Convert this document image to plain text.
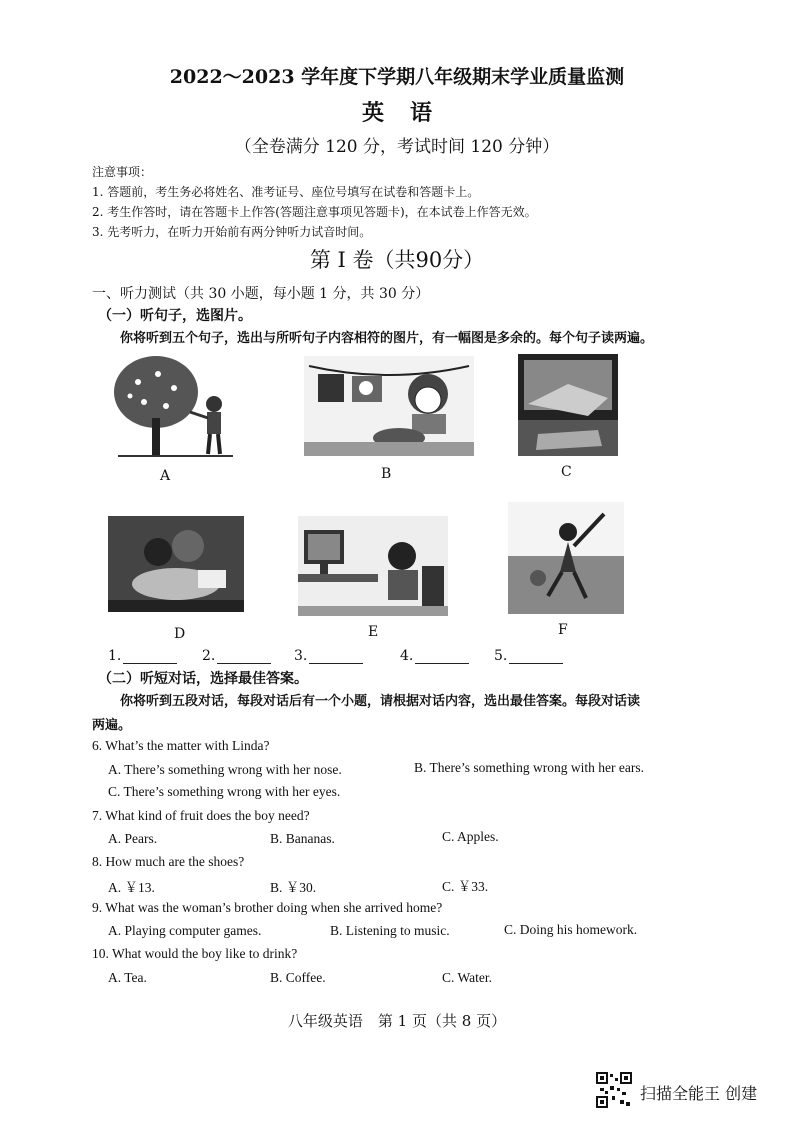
2022～2023 学年度下学期八年级期末学业质量监测
英语
（全卷满分 120 分，考试时间 120 分钟）
注意事项：
1. 答题前，考生务必将姓名、准考证号、座位号填写在试卷和答题卡上。
2. 考生作答时，请在答题卡上作答(答题注意事项见答题卡)，在本试卷上作答无效。
3. 先考听力，在听力开始前有两分钟听力试音时间。
第 I 卷（共90分）
一、听力测试（共 30 小题，每小题 1 分，共 30 分）
（一）听句子，选图片。
你将听到五个句子，选出与所听句子内容相符的图片，有一幅图是多余的。每个句子读两遍。
A	B	C
D	E	F
1.	2.	3.	4.	5.
（二）听短对话，选择最佳答案。
你将听到五段对话，每段对话后有一个小题，请根据对话内容，选出最佳答案。每段对话读
两遍。
6. What’s the matter with Linda?
A. There’s something wrong with her nose.	B. There’s something wrong with her ears.
C. There’s something wrong with her eyes.
7. What kind of fruit does the boy need?
A. Pears.	B. Bananas.	C. Apples.
8. How much are the shoes?
A. ￥13.	B. ￥30.	C. ￥33.
9. What was the woman’s brother doing when she arrived home?
A. Playing computer games.	B. Listening to music.	C. Doing his homework.
10. What would the boy like to drink?
A. Tea.	B. Coffee.	C. Water.
八年级英语　第 1 页（共 8 页）
扫描全能王 创建
